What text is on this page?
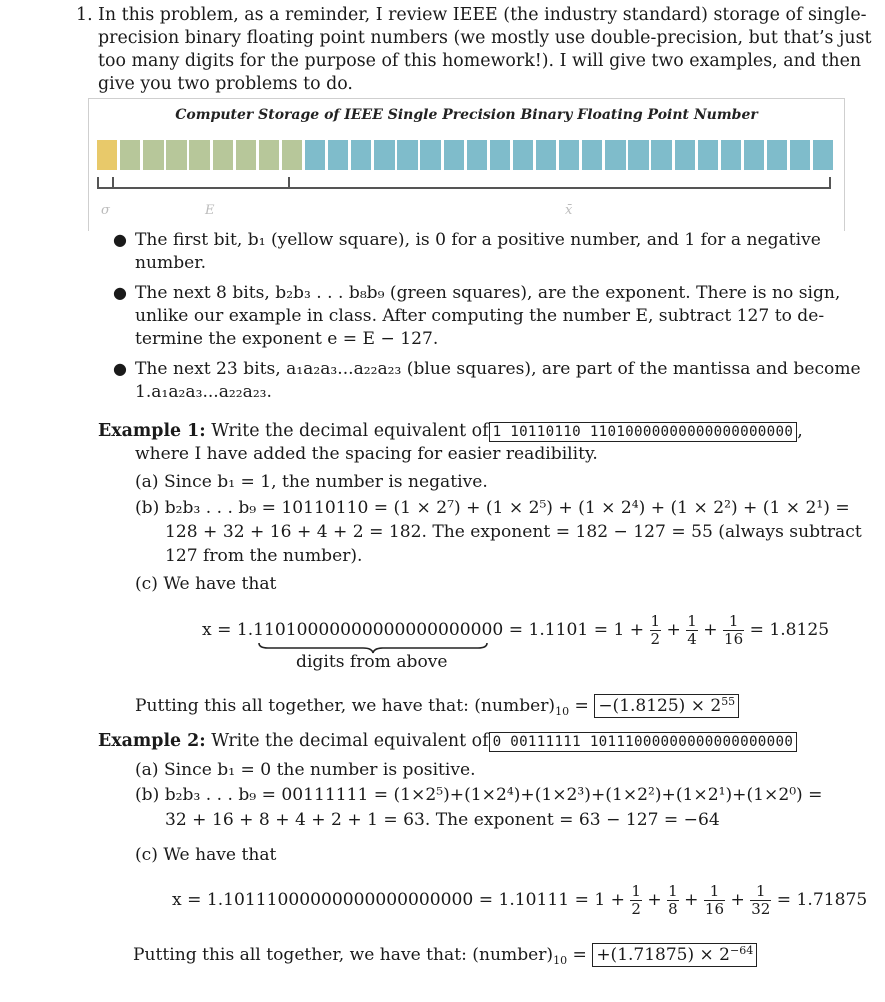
1. In this problem, as a reminder, I review IEEE (the industry standard) storage of single-
precision binary floating point numbers (we mostly use double-precision, but that’s just
too many digits for the purpose of this homework!). I will give two examples, and then
give you two problems to do.
Computer Storage of IEEE Single Precision Binary Floating Point Number
σ	E	x̄
● The first bit, b₁ (yellow square), is 0 for a positive number, and 1 for a negative
number.
● The next 8 bits, b₂b₃ . . . b₈b₉ (green squares), are the exponent. There is no sign,
unlike our example in class. After computing the number E, subtract 127 to de-
termine the exponent e = E − 127.
● The next 23 bits, a₁a₂a₃...a₂₂a₂₃ (blue squares), are part of the mantissa and become
1.a₁a₂a₃...a₂₂a₂₃.
Example 1: Write the decimal equivalent of 1 10110110 11010000000000000000000 ,
where I have added the spacing for easier readibility.
(a) Since b₁ = 1, the number is negative.
(b) b₂b₃ . . . b₉ = 10110110 = (1 × 2⁷) + (1 × 2⁵) + (1 × 2⁴) + (1 × 2²) + (1 × 2¹) =
128 + 32 + 16 + 4 + 2 = 182. The exponent = 182 − 127 = 55 (always subtract
127 from the number).
(c) We have that
$x = 1.11010000000000000000000 = 1.1101 = 1 + \frac{1}{2} + \frac{1}{4} + \frac{1}{16} = 1.8125$
digits from above
Putting this all together, we have that: $(number)_{10} = -(1.8125) \times 2^{55}$
Example 2: Write the decimal equivalent of 0 00111111 10111000000000000000000
(a) Since b₁ = 0 the number is positive.
(b) b₂b₃ . . . b₉ = 00111111 = (1×2⁵)+(1×2⁴)+(1×2³)+(1×2²)+(1×2¹)+(1×2⁰) =
32 + 16 + 8 + 4 + 2 + 1 = 63. The exponent = 63 − 127 = −64
(c) We have that
$x = 1.10111000000000000000000 = 1.10111 = 1 + \frac{1}{2} + \frac{1}{8} + \frac{1}{16} + \frac{1}{32} = 1.71875$
Putting this all together, we have that: $(number)_{10} = +(1.71875) \times 2^{-64}$
